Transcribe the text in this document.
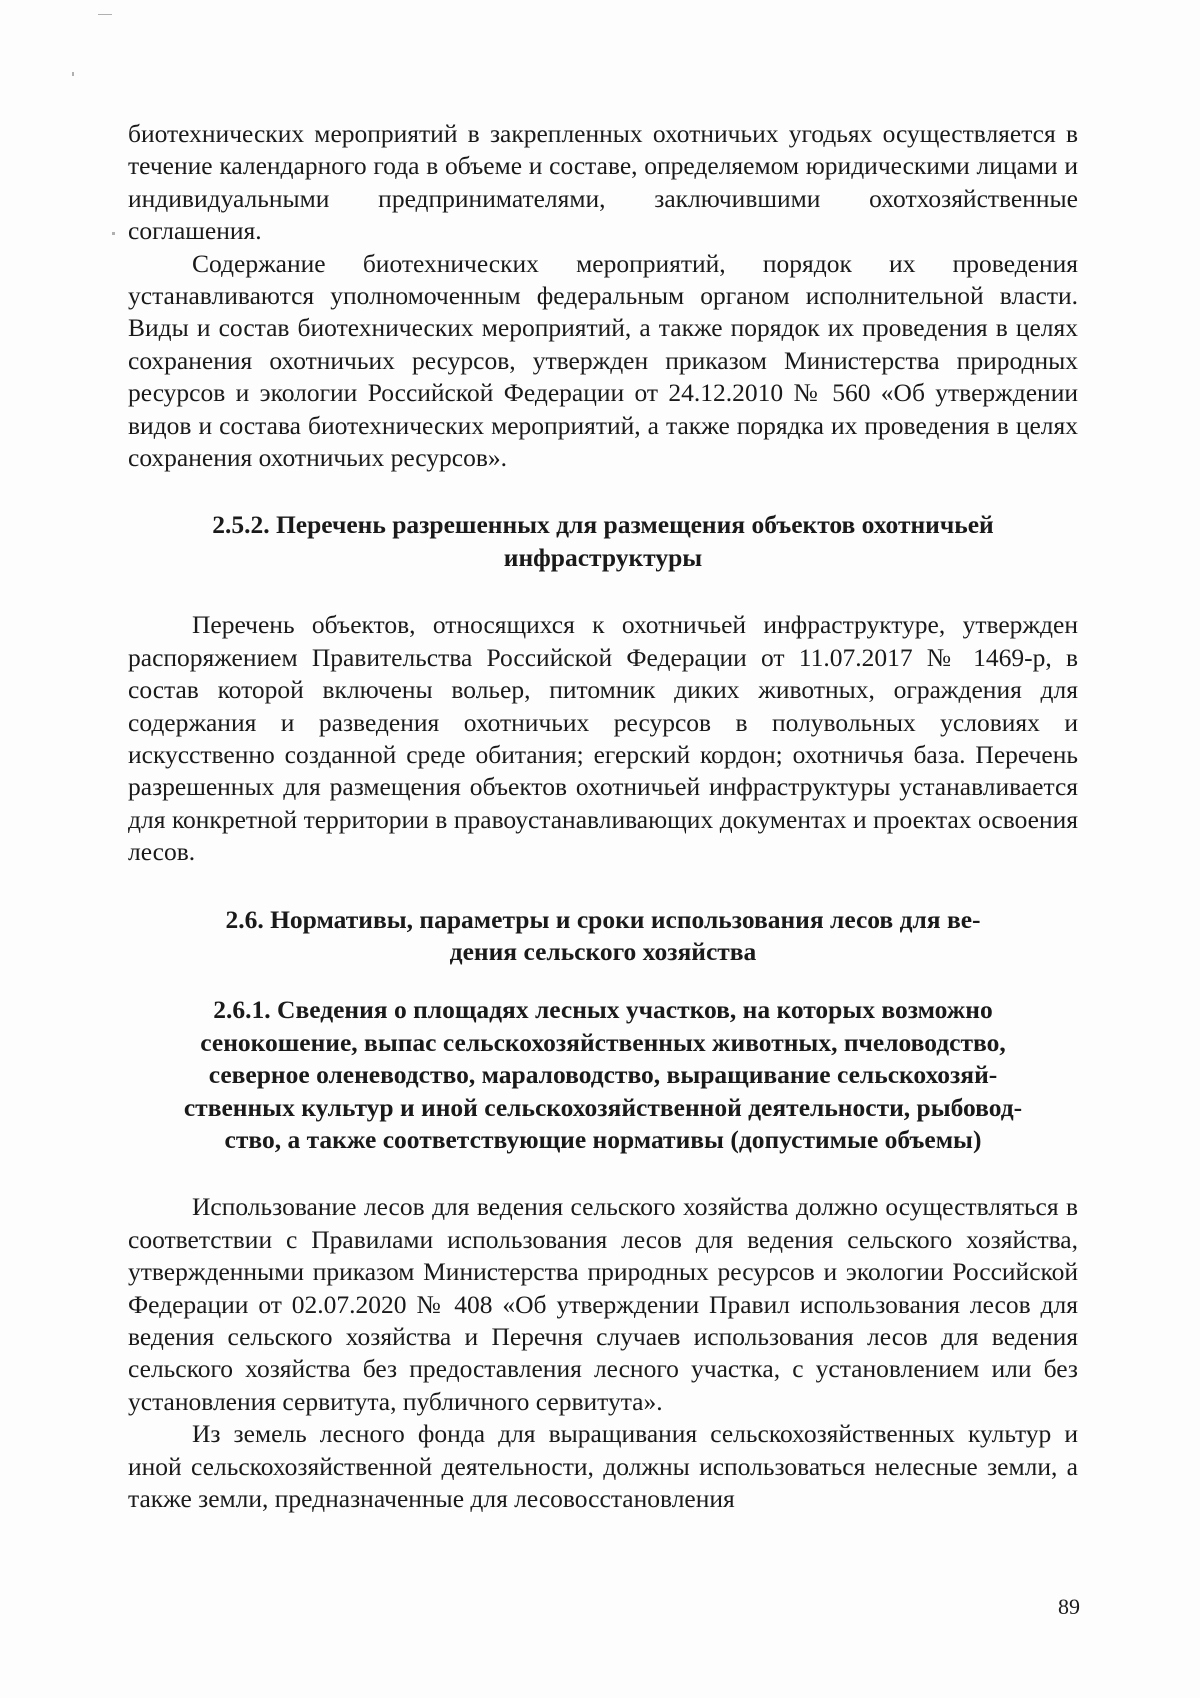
биотехнических мероприятий в закрепленных охотничьих угодьях осуществляется в течение календарного года в объеме и составе, определяемом юридическими лицами и индивидуальными предпринимателями, заключившими охотхозяйственные соглашения.

Содержание биотехнических мероприятий, порядок их проведения устанавливаются уполномоченным федеральным органом исполнительной власти. Виды и состав биотехнических мероприятий, а также порядок их проведения в целях сохранения охотничьих ресурсов, утвержден приказом Министерства природных ресурсов и экологии Российской Федерации от 24.12.2010 № 560 «Об утверждении видов и состава биотехнических мероприятий, а также порядка их проведения в целях сохранения охотничьих ресурсов».

2.5.2. Перечень разрешенных для размещения объектов охотничьей
инфраструктуры

Перечень объектов, относящихся к охотничьей инфраструктуре, утвержден распоряжением Правительства Российской Федерации от 11.07.2017 № 1469-р, в состав которой включены вольер, питомник диких животных, ограждения для содержания и разведения охотничьих ресурсов в полувольных условиях и искусственно созданной среде обитания; егерский кордон; охотничья база. Перечень разрешенных для размещения объектов охотничьей инфраструктуры устанавливается для конкретной территории в правоустанавливающих документах и проектах освоения лесов.

2.6. Нормативы, параметры и сроки использования лесов для ве-
дения сельского хозяйства
2.6.1. Сведения о площадях лесных участков, на которых возможно
сенокошение, выпас сельскохозяйственных животных, пчеловодство,
северное оленеводство, мараловодство, выращивание сельскохозяй-
ственных культур и иной сельскохозяйственной деятельности, рыбовод-
ство, а также соответствующие нормативы (допустимые объемы)

Использование лесов для ведения сельского хозяйства должно осуществляться в соответствии с Правилами использования лесов для ведения сельского хозяйства, утвержденными приказом Министерства природных ресурсов и экологии Российской Федерации от 02.07.2020 № 408 «Об утверждении Правил использования лесов для ведения сельского хозяйства и Перечня случаев использования лесов для ведения сельского хозяйства без предоставления лесного участка, с установлением или без установления сервитута, публичного сервитута».

Из земель лесного фонда для выращивания сельскохозяйственных культур и иной сельскохозяйственной деятельности, должны использоваться нелесные земли, а также земли, предназначенные для лесовосстановления

89
